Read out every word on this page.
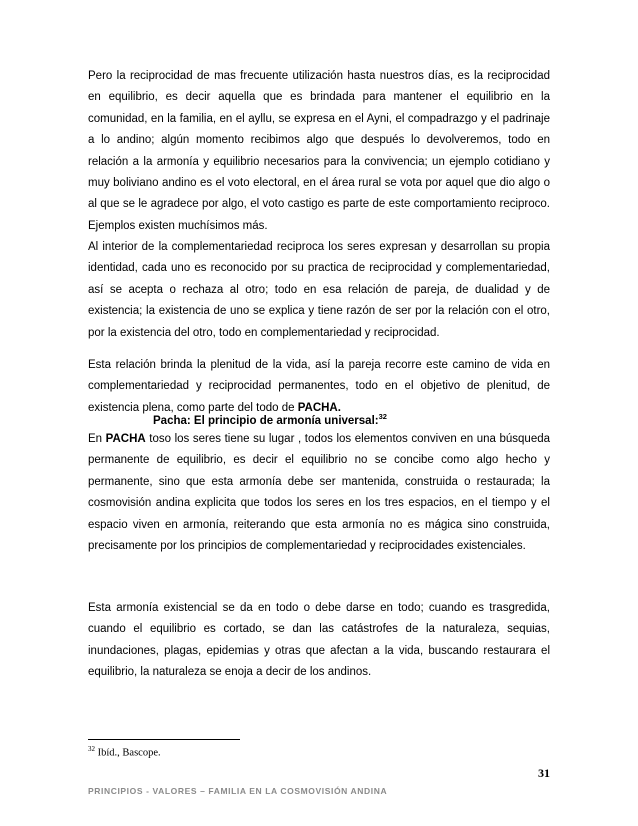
Pero la reciprocidad de mas frecuente utilización hasta nuestros días, es la reciprocidad en equilibrio, es decir aquella que es brindada para mantener el equilibrio en la comunidad, en la familia, en el ayllu, se expresa en el Ayni, el compadrazgo y el padrinaje a lo andino; algún momento recibimos algo que después lo devolveremos, todo en relación a la armonía y equilibrio necesarios para la convivencia; un ejemplo cotidiano y muy boliviano andino es el voto electoral, en el área rural se vota por aquel que dio algo o al que se le agradece por algo, el voto castigo es parte de este comportamiento reciproco. Ejemplos existen muchísimos más.

Al interior de la complementariedad reciproca los seres expresan y desarrollan su propia identidad, cada uno es reconocido por su practica de reciprocidad y complementariedad, así se acepta o rechaza al otro; todo en esa relación de pareja, de dualidad y de existencia; la existencia de uno se explica y tiene razón de ser por la relación con el otro, por la existencia del otro, todo en complementariedad y reciprocidad.

Esta relación brinda la plenitud de la vida, así la pareja recorre este camino de vida en complementariedad y reciprocidad permanentes, todo en el objetivo de plenitud, de existencia plena, como parte del todo de PACHA.

Pacha: El principio de armonía universal:$^{32}$

En PACHA toso los seres tiene su lugar , todos los elementos conviven en una búsqueda permanente de equilibrio, es decir el equilibrio no se concibe como algo hecho y permanente, sino que esta armonía debe ser mantenida, construida o restaurada; la cosmovisión andina explicita que todos los seres en los tres espacios, en el tiempo y el espacio viven en armonía, reiterando que esta armonía no es mágica sino construida, precisamente por los principios de complementariedad y reciprocidades existenciales.

Esta armonía existencial se da en todo o debe darse en todo; cuando es trasgredida, cuando el equilibrio es cortado, se dan las catástrofes de la naturaleza, sequias, inundaciones, plagas, epidemias y otras que afectan a la vida, buscando restaurara el equilibrio, la naturaleza se enoja a decir de los andinos.

$^{32}$ Ibíd., Bascope.
31
PRINCIPIOS - VALORES – FAMILIA EN LA COSMOVISIÓN ANDINA
